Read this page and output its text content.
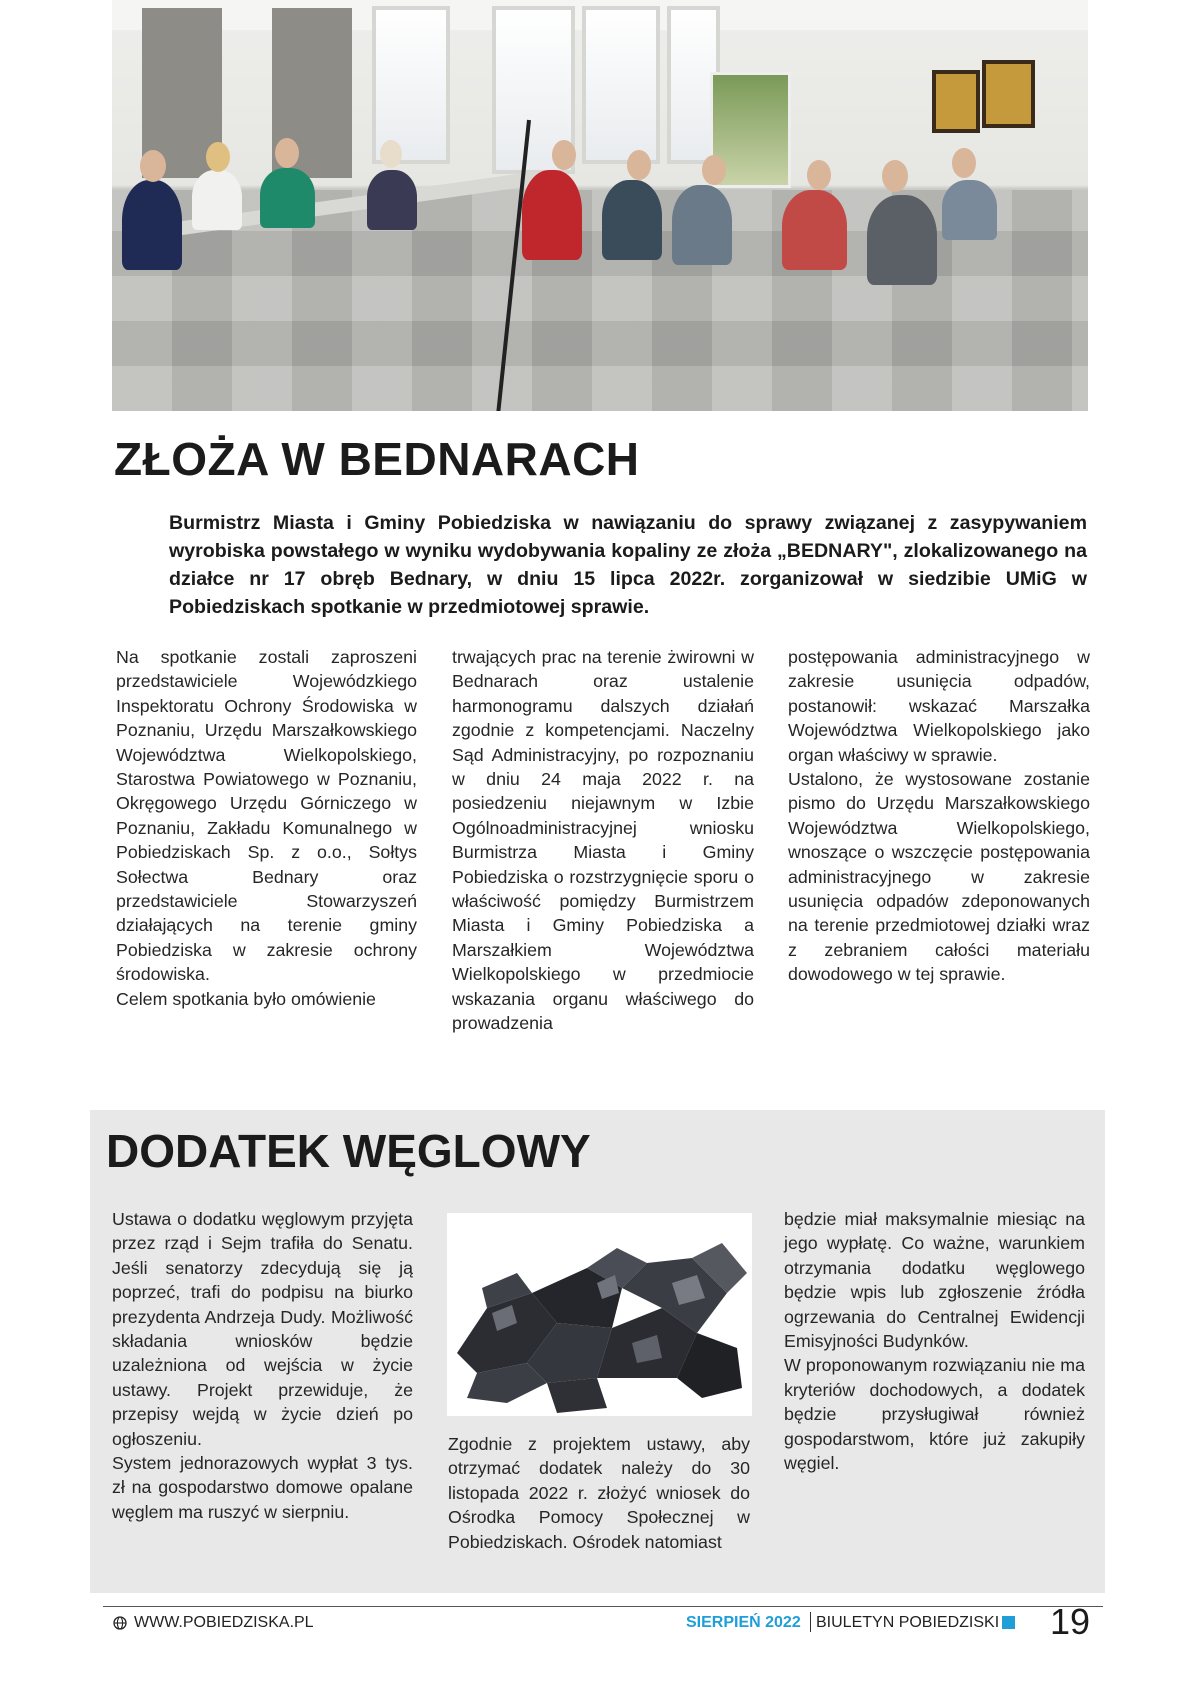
ZŁOŻA W BEDNARACH

Burmistrz Miasta i Gminy Pobiedziska w nawiązaniu do sprawy związanej z zasypywaniem wyrobiska powstałego w wyniku wydobywania kopaliny ze złoża „BEDNARY", zlokalizowanego na działce nr 17 obręb Bednary, w dniu 15 lipca 2022r. zorganizował w siedzibie UMiG w Pobiedziskach spotkanie w przedmiotowej sprawie.

Na spotkanie zostali zaproszeni przedstawiciele Wojewódzkiego Inspektoratu Ochrony Środowiska w Poznaniu, Urzędu Marszałkowskiego Województwa Wielkopolskiego, Starostwa Powiatowego w Poznaniu, Okręgowego Urzędu Górniczego w Poznaniu, Zakładu Komunalnego w Pobiedziskach Sp. z o.o., Sołtys Sołectwa Bednary oraz przedstawiciele Stowarzyszeń działających na terenie gminy Pobiedziska w zakresie ochrony środowiska.

Celem spotkania było omówienie

trwających prac na terenie żwirowni w Bednarach oraz ustalenie harmonogramu dalszych działań zgodnie z kompetencjami. Naczelny Sąd Administracyjny, po rozpoznaniu w dniu 24 maja 2022 r. na posiedzeniu niejawnym w Izbie Ogólnoadministracyjnej wniosku Burmistrza Miasta i Gminy Pobiedziska o rozstrzygnięcie sporu o właściwość pomiędzy Burmistrzem Miasta i Gminy Pobiedziska a Marszałkiem Województwa Wielkopolskiego w przedmiocie wskazania organu właściwego do prowadzenia

postępowania administracyjnego w zakresie usunięcia odpadów, postanowił: wskazać Marszałka Województwa Wielkopolskiego jako organ właściwy w sprawie.

Ustalono, że wystosowane zostanie pismo do Urzędu Marszałkowskiego Województwa Wielkopolskiego, wnoszące o wszczęcie postępowania administracyjnego w zakresie usunięcia odpadów zdeponowanych na terenie przedmiotowej działki wraz z zebraniem całości materiału dowodowego w tej sprawie.

DODATEK WĘGLOWY

Ustawa o dodatku węglowym przyjęta przez rząd i Sejm trafiła do Senatu. Jeśli senatorzy zdecydują się ją poprzeć, trafi do podpisu na biurko prezydenta Andrzeja Dudy. Możliwość składania wniosków będzie uzależniona od wejścia w życie ustawy. Projekt przewiduje, że przepisy wejdą w życie dzień po ogłoszeniu.

System jednorazowych wypłat 3 tys. zł na gospodarstwo domowe opalane węglem ma ruszyć w sierpniu.

Zgodnie z projektem ustawy, aby otrzymać dodatek należy do 30 listopada 2022 r. złożyć wniosek do Ośrodka Pomocy Społecznej w Pobiedziskach. Ośrodek natomiast

będzie miał maksymalnie miesiąc na jego wypłatę. Co ważne, warunkiem otrzymania dodatku węglowego będzie wpis lub zgłoszenie źródła ogrzewania do Centralnej Ewidencji Emisyjności Budynków.

W proponowanym rozwiązaniu nie ma kryteriów dochodowych, a dodatek będzie przysługiwał również gospodarstwom, które już zakupiły węgiel.

WWW.POBIEDZISKA.PL	SIERPIEŃ 2022 BIULETYN POBIEDZISKI 19
